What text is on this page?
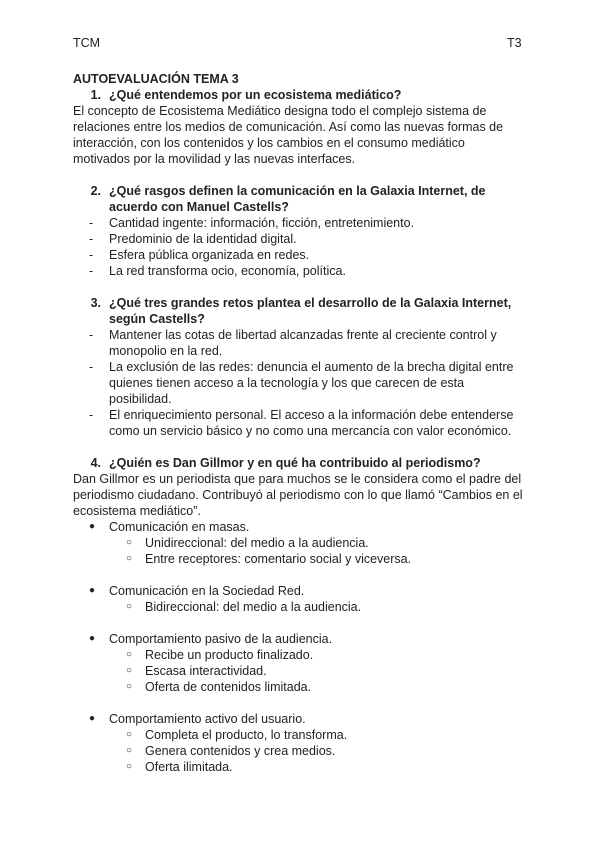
TCM	T3
AUTOEVALUACIÓN TEMA 3
1. ¿Qué entendemos por un ecosistema mediático?

El concepto de Ecosistema Mediático designa todo el complejo sistema de relaciones entre los medios de comunicación. Así como las nuevas formas de interacción, con los contenidos y los cambios en el consumo mediático motivados por la movilidad y las nuevas interfaces.

2. ¿Qué rasgos definen la comunicación en la Galaxia Internet, de acuerdo con Manuel Castells?
-	Cantidad ingente: información, ficción, entretenimiento.
-	Predominio de la identidad digital.
-	Esfera pública organizada en redes.
-	La red transforma ocio, economía, política.
3. ¿Qué tres grandes retos plantea el desarrollo de la Galaxia Internet, según Castells?
-	Mantener las cotas de libertad alcanzadas frente al creciente control y monopolio en la red.
-	La exclusión de las redes: denuncia el aumento de la brecha digital entre quienes tienen acceso a la tecnología y los que carecen de esta posibilidad.
-	El enriquecimiento personal. El acceso a la información debe entenderse como un servicio básico y no como una mercancía con valor económico.
4. ¿Quién es Dan Gillmor y en qué ha contribuido al periodismo?

Dan Gillmor es un periodista que para muchos se le considera como el padre del periodismo ciudadano. Contribuyó al periodismo con lo que llamó “Cambios en el ecosistema mediático”.

●	Comunicación en masas.
○	Unidireccional: del medio a la audiencia.
○	Entre receptores: comentario social y viceversa.
●	Comunicación en la Sociedad Red.
○	Bidireccional: del medio a la audiencia.
●	Comportamiento pasivo de la audiencia.
○	Recibe un producto finalizado.
○	Escasa interactividad.
○	Oferta de contenidos limitada.
●	Comportamiento activo del usuario.
○	Completa el producto, lo transforma.
○	Genera contenidos y crea medios.
○	Oferta ilimitada.
